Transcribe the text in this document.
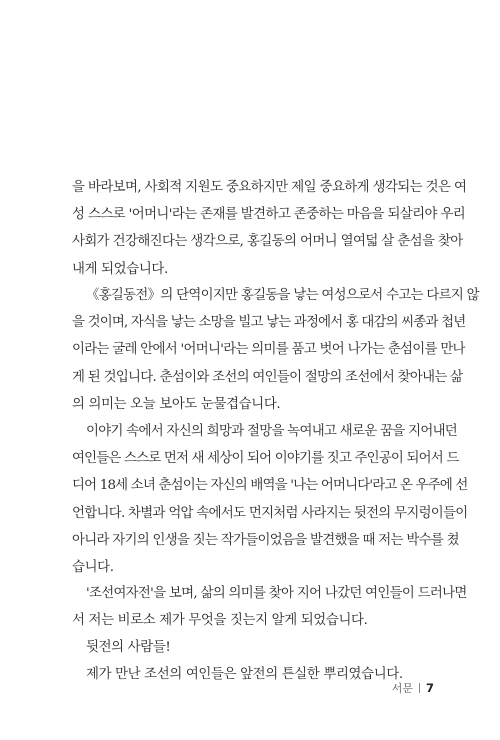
을 바라보며, 사회적 지원도 중요하지만 제일 중요하게 생각되는 것은 여
성 스스로 '어머니'라는 존재를 발견하고 존중하는 마음을 되살리야 우리
사회가 건강해진다는 생각으로, 홍길동의 어머니 열여덟 살 춘섬을 찾아
내게 되었습니다.
《홍길동전》의 단역이지만 홍길동을 낳는 여성으로서 수고는 다르지 않
을 것이며, 자식을 낳는 소망을 빌고 낳는 과정에서 홍 대감의 씨종과 첩년
이라는 굴레 안에서 '어머니'라는 의미를 품고 벗어 나가는 춘섬이를 만나
게 된 것입니다. 춘섬이와 조선의 여인들이 절망의 조선에서 찾아내는 삶
의 의미는 오늘 보아도 눈물겹습니다.
이야기 속에서 자신의 희망과 절망을 녹여내고 새로운 꿈을 지어내던
여인들은 스스로 먼저 새 세상이 되어 이야기를 짓고 주인공이 되어서 드
디어 18세 소녀 춘섬이는 자신의 배역을 '나는 어머니다'라고 온 우주에 선
언합니다. 차별과 억압 속에서도 먼지처럼 사라지는 뒷전의 무지렁이들이
아니라 자기의 인생을 짓는 작가들이었음을 발견했을 때 저는 박수를 쳤
습니다.
'조선여자전'을 보며, 삶의 의미를 찾아 지어 나갔던 여인들이 드러나면
서 저는 비로소 제가 무엇을 짓는지 알게 되었습니다.
뒷전의 사람들!
제가 만난 조선의 여인들은 앞전의 튼실한 뿌리였습니다.
서문 7
